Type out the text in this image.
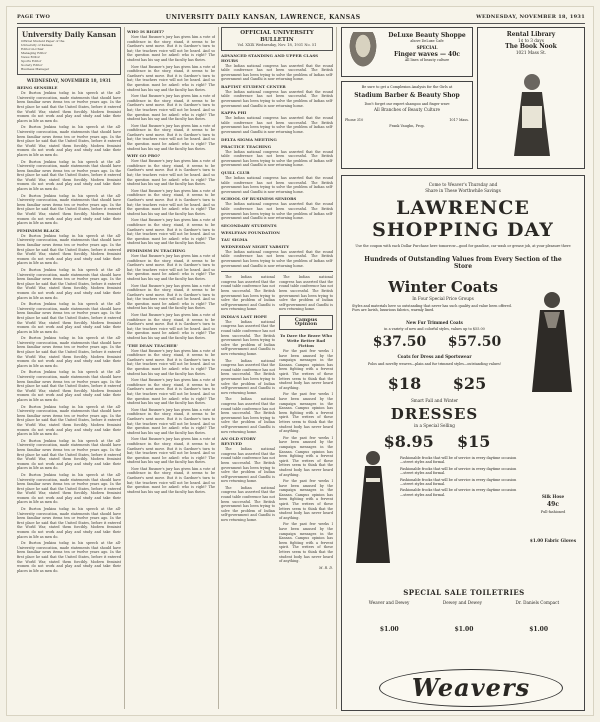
PAGE TWO	UNIVERSITY DAILY KANSAN, LAWRENCE, KANSAS	WEDNESDAY, NOVEMBER 18, 1931
University Daily Kansan
Official Student Paper of the
University of Kansas
Editor-in-Chief
Managing Editor
News Editor
Sports Editor
Society Editor
Business Manager
WEDNESDAY, NOVEMBER 18, 1931
BEING SENSIBLE

Dr. Burton Jenkins today, in his speech at the all-University convocation, made statements that should have been familiar news items ten or twelve years ago. In the first place he said that the United States, before it entered the World War, stated them forcibly. Modern feminist women do not work and play and study and take their places in life as men do.

Dr. Burton Jenkins today, in his speech at the all-University convocation, made statements that should have been familiar news items ten or twelve years ago. In the first place he said that the United States, before it entered the World War, stated them forcibly. Modern feminist women do not work and play and study and take their places in life as men do.

Dr. Burton Jenkins today, in his speech at the all-University convocation, made statements that should have been familiar news items ten or twelve years ago. In the first place he said that the United States, before it entered the World War, stated them forcibly. Modern feminist women do not work and play and study and take their places in life as men do.

Dr. Burton Jenkins today, in his speech at the all-University convocation, made statements that should have been familiar news items ten or twelve years ago. In the first place he said that the United States, before it entered the World War, stated them forcibly. Modern feminist women do not work and play and study and take their places in life as men do.

FEMINISM BLACK

Dr. Burton Jenkins today, in his speech at the all-University convocation, made statements that should have been familiar news items ten or twelve years ago. In the first place he said that the United States, before it entered the World War, stated them forcibly. Modern feminist women do not work and play and study and take their places in life as men do.

Dr. Burton Jenkins today, in his speech at the all-University convocation, made statements that should have been familiar news items ten or twelve years ago. In the first place he said that the United States, before it entered the World War, stated them forcibly. Modern feminist women do not work and play and study and take their places in life as men do.

Dr. Burton Jenkins today, in his speech at the all-University convocation, made statements that should have been familiar news items ten or twelve years ago. In the first place he said that the United States, before it entered the World War, stated them forcibly. Modern feminist women do not work and play and study and take their places in life as men do.

Dr. Burton Jenkins today, in his speech at the all-University convocation, made statements that should have been familiar news items ten or twelve years ago. In the first place he said that the United States, before it entered the World War, stated them forcibly. Modern feminist women do not work and play and study and take their places in life as men do.

Dr. Burton Jenkins today, in his speech at the all-University convocation, made statements that should have been familiar news items ten or twelve years ago. In the first place he said that the United States, before it entered the World War, stated them forcibly. Modern feminist women do not work and play and study and take their places in life as men do.

Dr. Burton Jenkins today, in his speech at the all-University convocation, made statements that should have been familiar news items ten or twelve years ago. In the first place he said that the United States, before it entered the World War, stated them forcibly. Modern feminist women do not work and play and study and take their places in life as men do.

Dr. Burton Jenkins today, in his speech at the all-University convocation, made statements that should have been familiar news items ten or twelve years ago. In the first place he said that the United States, before it entered the World War, stated them forcibly. Modern feminist women do not work and play and study and take their places in life as men do.

Dr. Burton Jenkins today, in his speech at the all-University convocation, made statements that should have been familiar news items ten or twelve years ago. In the first place he said that the United States, before it entered the World War, stated them forcibly. Modern feminist women do not work and play and study and take their places in life as men do.

Dr. Burton Jenkins today, in his speech at the all-University convocation, made statements that should have been familiar news items ten or twelve years ago. In the first place he said that the United States, before it entered the World War, stated them forcibly. Modern feminist women do not work and play and study and take their places in life as men do.

Dr. Burton Jenkins today, in his speech at the all-University convocation, made statements that should have been familiar news items ten or twelve years ago. In the first place he said that the United States, before it entered the World War, stated them forcibly. Modern feminist women do not work and play and study and take their places in life as men do.

WHO IS RIGHT?

Now that Rusmer's jury has given him a vote of confidence in the story, stand, it seems to be Gardner's next move. But it is Gardner's turn to bat; the teachers voice will not be heard. And so the question must be asked: who is right? The student has his say and the faculty has theirs.

Now that Rusmer's jury has given him a vote of confidence in the story, stand, it seems to be Gardner's next move. But it is Gardner's turn to bat; the teachers voice will not be heard. And so the question must be asked: who is right? The student has his say and the faculty has theirs.

Now that Rusmer's jury has given him a vote of confidence in the story, stand, it seems to be Gardner's next move. But it is Gardner's turn to bat; the teachers voice will not be heard. And so the question must be asked: who is right? The student has his say and the faculty has theirs.

Now that Rusmer's jury has given him a vote of confidence in the story, stand, it seems to be Gardner's next move. But it is Gardner's turn to bat; the teachers voice will not be heard. And so the question must be asked: who is right? The student has his say and the faculty has theirs.

WHY GO PRO?

Now that Rusmer's jury has given him a vote of confidence in the story, stand, it seems to be Gardner's next move. But it is Gardner's turn to bat; the teachers voice will not be heard. And so the question must be asked: who is right? The student has his say and the faculty has theirs.

Now that Rusmer's jury has given him a vote of confidence in the story, stand, it seems to be Gardner's next move. But it is Gardner's turn to bat; the teachers voice will not be heard. And so the question must be asked: who is right? The student has his say and the faculty has theirs.

Now that Rusmer's jury has given him a vote of confidence in the story, stand, it seems to be Gardner's next move. But it is Gardner's turn to bat; the teachers voice will not be heard. And so the question must be asked: who is right? The student has his say and the faculty has theirs.

FEMINISM IN TEACHING

Now that Rusmer's jury has given him a vote of confidence in the story, stand, it seems to be Gardner's next move. But it is Gardner's turn to bat; the teachers voice will not be heard. And so the question must be asked: who is right? The student has his say and the faculty has theirs.

Now that Rusmer's jury has given him a vote of confidence in the story, stand, it seems to be Gardner's next move. But it is Gardner's turn to bat; the teachers voice will not be heard. And so the question must be asked: who is right? The student has his say and the faculty has theirs.

Now that Rusmer's jury has given him a vote of confidence in the story, stand, it seems to be Gardner's next move. But it is Gardner's turn to bat; the teachers voice will not be heard. And so the question must be asked: who is right? The student has his say and the faculty has theirs.

'THE DEAN TEACHER'

Now that Rusmer's jury has given him a vote of confidence in the story, stand, it seems to be Gardner's next move. But it is Gardner's turn to bat; the teachers voice will not be heard. And so the question must be asked: who is right? The student has his say and the faculty has theirs.

Now that Rusmer's jury has given him a vote of confidence in the story, stand, it seems to be Gardner's next move. But it is Gardner's turn to bat; the teachers voice will not be heard. And so the question must be asked: who is right? The student has his say and the faculty has theirs.

Now that Rusmer's jury has given him a vote of confidence in the story, stand, it seems to be Gardner's next move. But it is Gardner's turn to bat; the teachers voice will not be heard. And so the question must be asked: who is right? The student has his say and the faculty has theirs.

Now that Rusmer's jury has given him a vote of confidence in the story, stand, it seems to be Gardner's next move. But it is Gardner's turn to bat; the teachers voice will not be heard. And so the question must be asked: who is right? The student has his say and the faculty has theirs.

Now that Rusmer's jury has given him a vote of confidence in the story, stand, it seems to be Gardner's next move. But it is Gardner's turn to bat; the teachers voice will not be heard. And so the question must be asked: who is right? The student has his say and the faculty has theirs.

OFFICIAL UNIVERSITY BULLETIN
Vol. XXIX Wednesday, Nov. 18, 1931 No. 51
ADVANCED STANDING AND UPPER CLASS HOURS

The Indian national congress has asserted that the round table conference has not been successful. The British government has been trying to solve the problem of Indian self-government and Gandhi is now returning home.

BAPTIST STUDENT CENTER

The Indian national congress has asserted that the round table conference has not been successful. The British government has been trying to solve the problem of Indian self-government and Gandhi is now returning home.

KAPPA PHI

The Indian national congress has asserted that the round table conference has not been successful. The British government has been trying to solve the problem of Indian self-government and Gandhi is now returning home.

DELTA SIGMA MEETING
PRACTICE TEACHING

The Indian national congress has asserted that the round table conference has not been successful. The British government has been trying to solve the problem of Indian self-government and Gandhi is now returning home.

QUILL CLUB

The Indian national congress has asserted that the round table conference has not been successful. The British government has been trying to solve the problem of Indian self-government and Gandhi is now returning home.

SCHOOL OF BUSINESS SENIORS

The Indian national congress has asserted that the round table conference has not been successful. The British government has been trying to solve the problem of Indian self-government and Gandhi is now returning home.

SECONDARY STUDENTS
WESLEYAN FOUNDATION
TAU SIGMA
WEDNESDAY NIGHT VARSITY

The Indian national congress has asserted that the round table conference has not been successful. The British government has been trying to solve the problem of Indian self-government and Gandhi is now returning home.

The Indian national congress has asserted that the round table conference has not been successful. The British government has been trying to solve the problem of Indian self-government and Gandhi is now returning home.

INDIA'S LAST HOPE

The Indian national congress has asserted that the round table conference has not been successful. The British government has been trying to solve the problem of Indian self-government and Gandhi is now returning home.

The Indian national congress has asserted that the round table conference has not been successful. The British government has been trying to solve the problem of Indian self-government and Gandhi is now returning home.

The Indian national congress has asserted that the round table conference has not been successful. The British government has been trying to solve the problem of Indian self-government and Gandhi is now returning home.

AN OLD STORY REVIVED

The Indian national congress has asserted that the round table conference has not been successful. The British government has been trying to solve the problem of Indian self-government and Gandhi is now returning home.

The Indian national congress has asserted that the round table conference has not been successful. The British government has been trying to solve the problem of Indian self-government and Gandhi is now returning home.

The Indian national congress has asserted that the round table conference has not been successful. The British government has been trying to solve the problem of Indian self-government and Gandhi is now returning home.

Campus Opinion
To Dave the Brave Who Write Better Bad Fiction

For the past few weeks I have been amused by the campaign messages in the Kansan. Campus opinion has been fighting with a fervent spirit. The writers of these letters seem to think that the student body has never heard of anything.

For the past few weeks I have been amused by the campaign messages in the Kansan. Campus opinion has been fighting with a fervent spirit. The writers of these letters seem to think that the student body has never heard of anything.

For the past few weeks I have been amused by the campaign messages in the Kansan. Campus opinion has been fighting with a fervent spirit. The writers of these letters seem to think that the student body has never heard of anything.

For the past few weeks I have been amused by the campaign messages in the Kansan. Campus opinion has been fighting with a fervent spirit. The writers of these letters seem to think that the student body has never heard of anything.

For the past few weeks I have been amused by the campaign messages in the Kansan. Campus opinion has been fighting with a fervent spirit. The writers of these letters seem to think that the student body has never heard of anything.

M. R. D.
DeLuxe Beauty Shoppe
above DeLuxe Cafe
SPECIAL
Finger waves — 40c
All lines of beauty culture
Rental Library
1¢ to 3 days
The Book Nook
1021 Mass St.
Be sure to get a Complexion Analysis for the Girls at
Stadium Barber & Beauty Shop
Don't forget our expert shampoo and finger wave
All Branches of Beauty Culture
Phone 310	1017 Mass.
Frank Vaughn, Prop.
Come to Weaver's Thursday and
Share in These Worthwhile Savings
LAWRENCE
SHOPPING DAY
Use the coupon with each Dollar Purchase here tomorrow—good for gasoline, car wash or grease job, at your pleasure there
Hundreds of Outstanding Values from Every Section of the Store
Winter Coats
In Four Special Price Groups
Styles and materials here so outstanding that never has such quality and value been offered. Furs are lavish, luxurious fabrics, warmly lined.
New Fur Trimmed Coats
in a variety of new and colorful styles, values up to $55.00
$37.50 $57.50
Coats for Dress and Sportswear
Polos and novelty weaves—plain and fur trimmed styles—outstanding values!
$18 $25
Smart Fall and Winter
DRESSES
in a Special Selling
$8.95 $15
Fashionable frocks that will be of service in every daytime occasion—street styles and formal.
Fashionable frocks that will be of service in every daytime occasion—street styles and formal.
Fashionable frocks that will be of service in every daytime occasion—street styles and formal.
Fashionable frocks that will be of service in every daytime occasion—street styles and formal.	Silk Hose
49c
Full-fashioned
$1.00 Fabric Gloves
SPECIAL SALE TOILETRIES
Weaver and Dewey	Dewey and Dewey	Dr. Daniels Compact
$1.00	$1.00	$1.00
Weavers
